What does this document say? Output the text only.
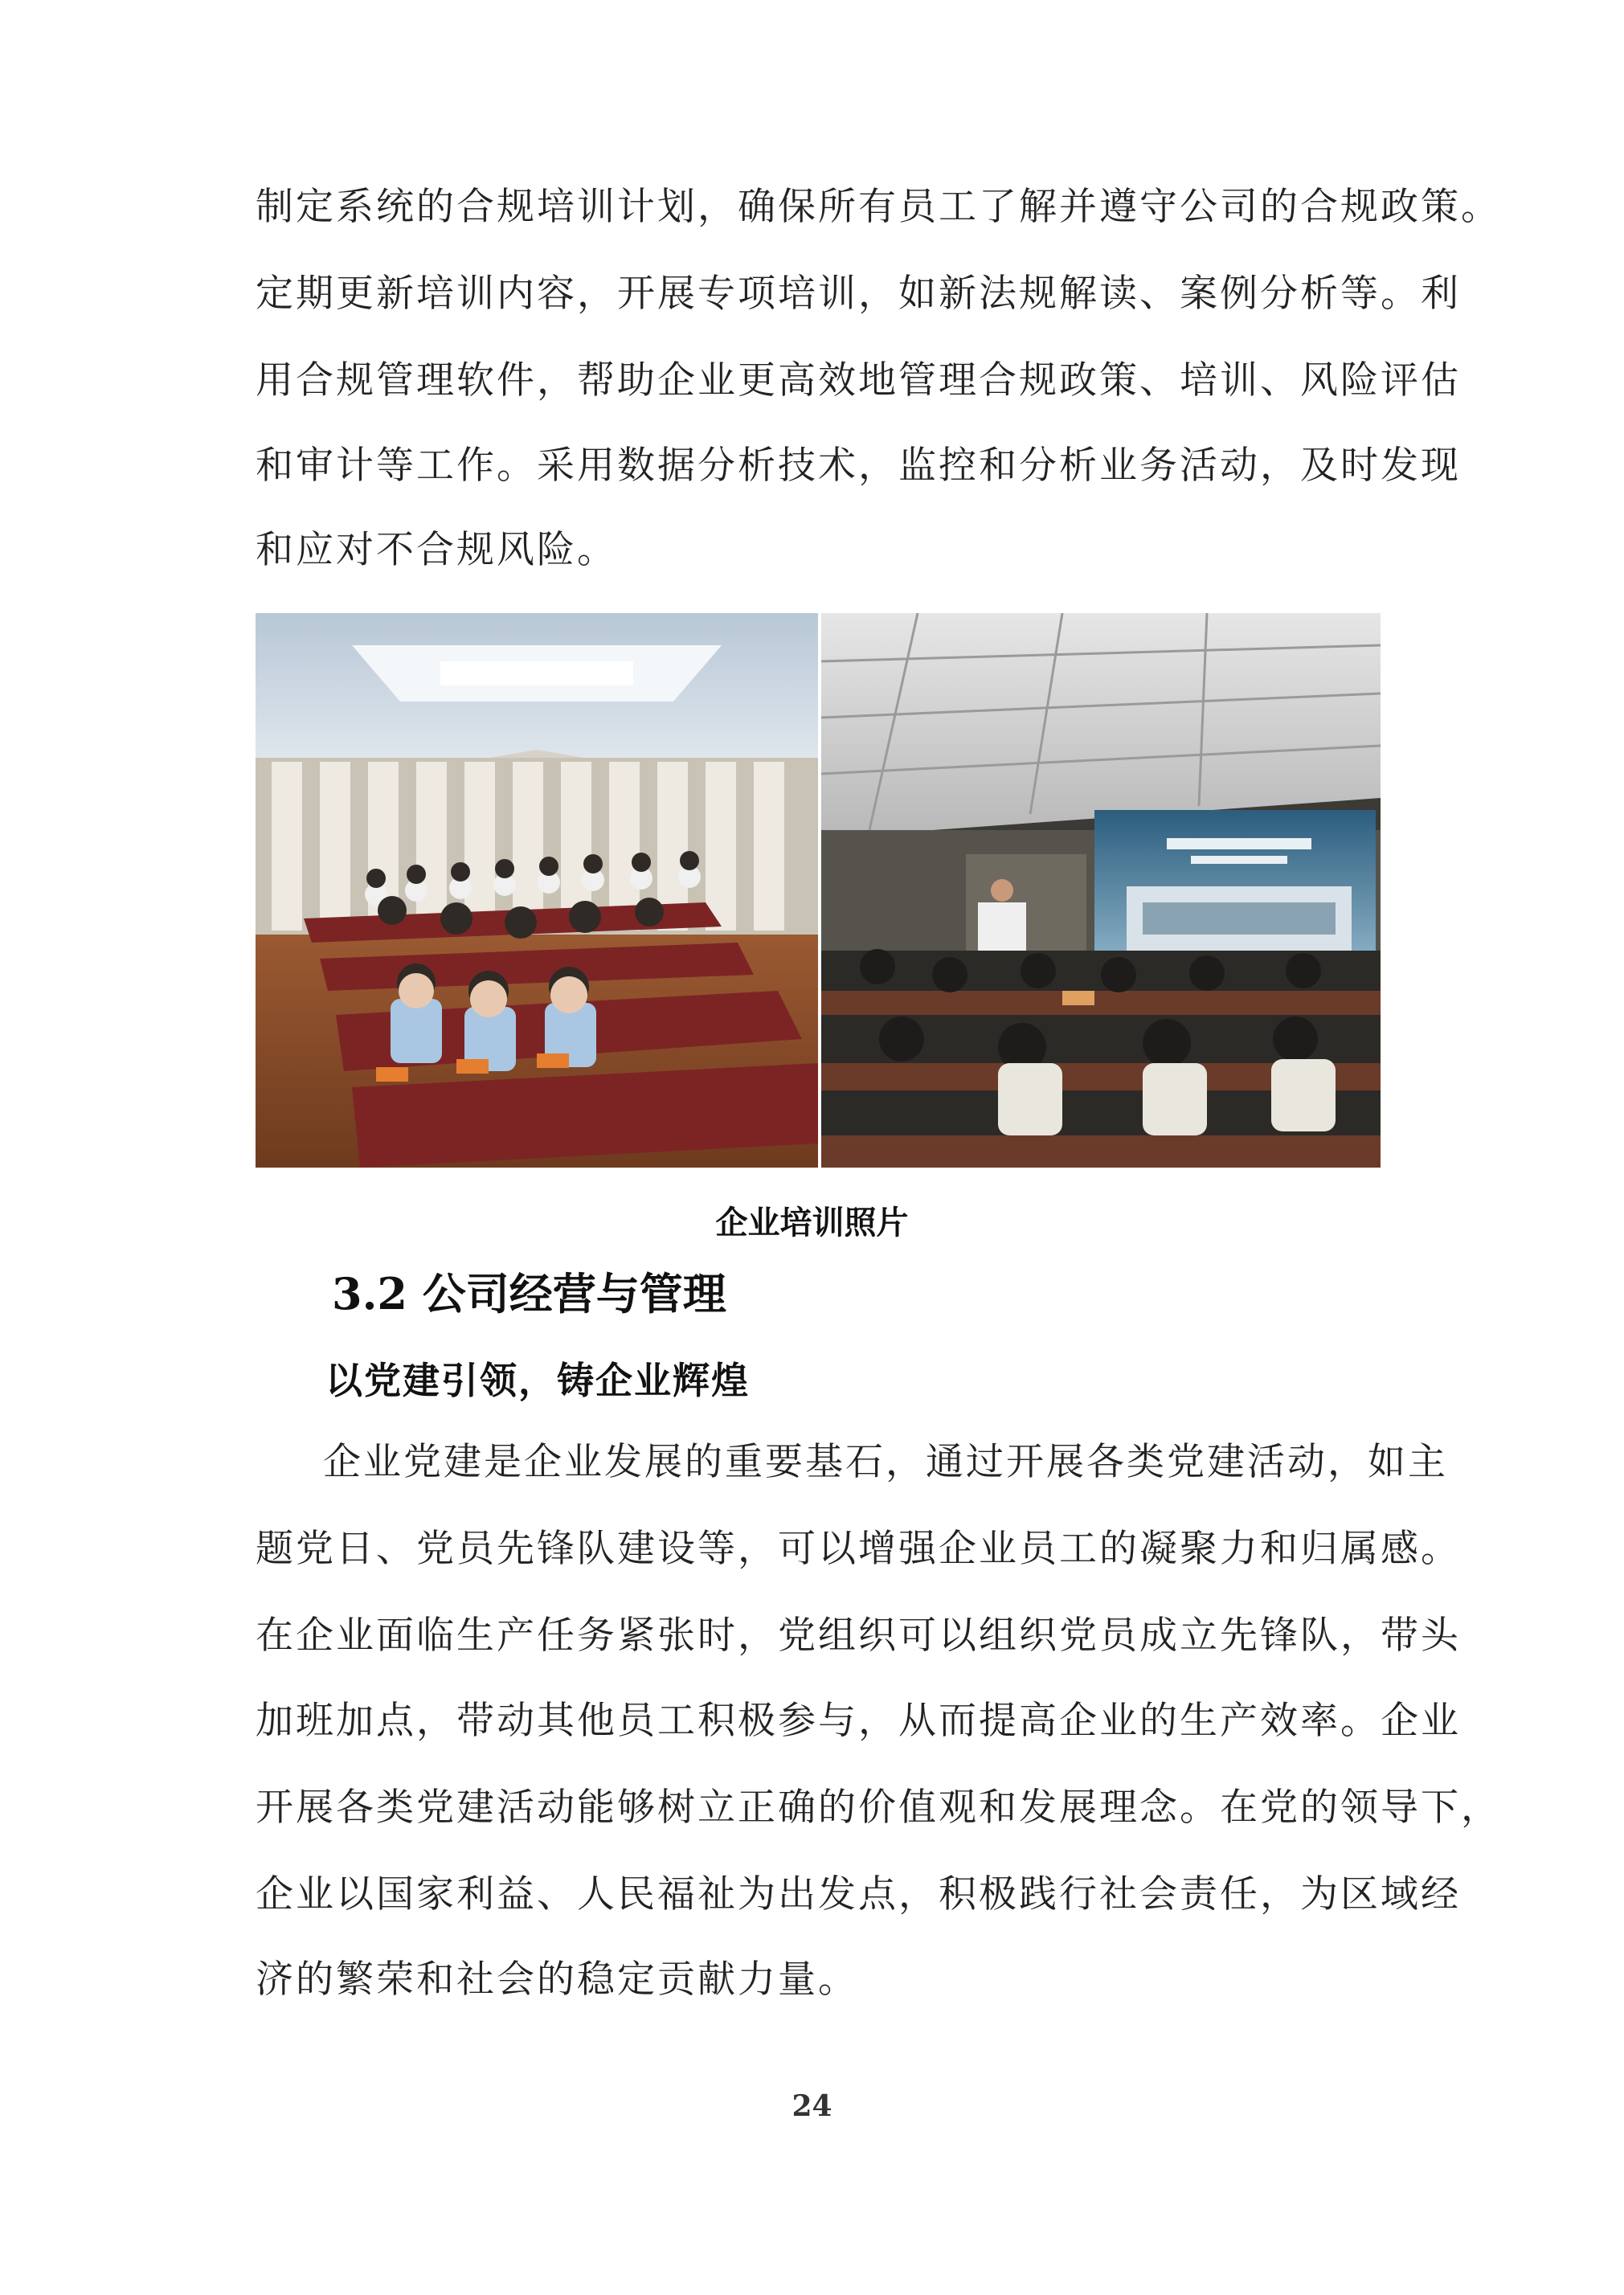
制定系统的合规培训计划，确保所有员工了解并遵守公司的合规政策。
定期更新培训内容，开展专项培训，如新法规解读、案例分析等。利
用合规管理软件，帮助企业更高效地管理合规政策、培训、风险评估
和审计等工作。采用数据分析技术，监控和分析业务活动，及时发现
和应对不合规风险。
企业培训照片
3.2 公司经营与管理
以党建引领，铸企业辉煌
企业党建是企业发展的重要基石，通过开展各类党建活动，如主
题党日、党员先锋队建设等，可以增强企业员工的凝聚力和归属感。
在企业面临生产任务紧张时，党组织可以组织党员成立先锋队，带头
加班加点，带动其他员工积极参与，从而提高企业的生产效率。企业
开展各类党建活动能够树立正确的价值观和发展理念。在党的领导下，
企业以国家利益、人民福祉为出发点，积极践行社会责任，为区域经
济的繁荣和社会的稳定贡献力量。
24
